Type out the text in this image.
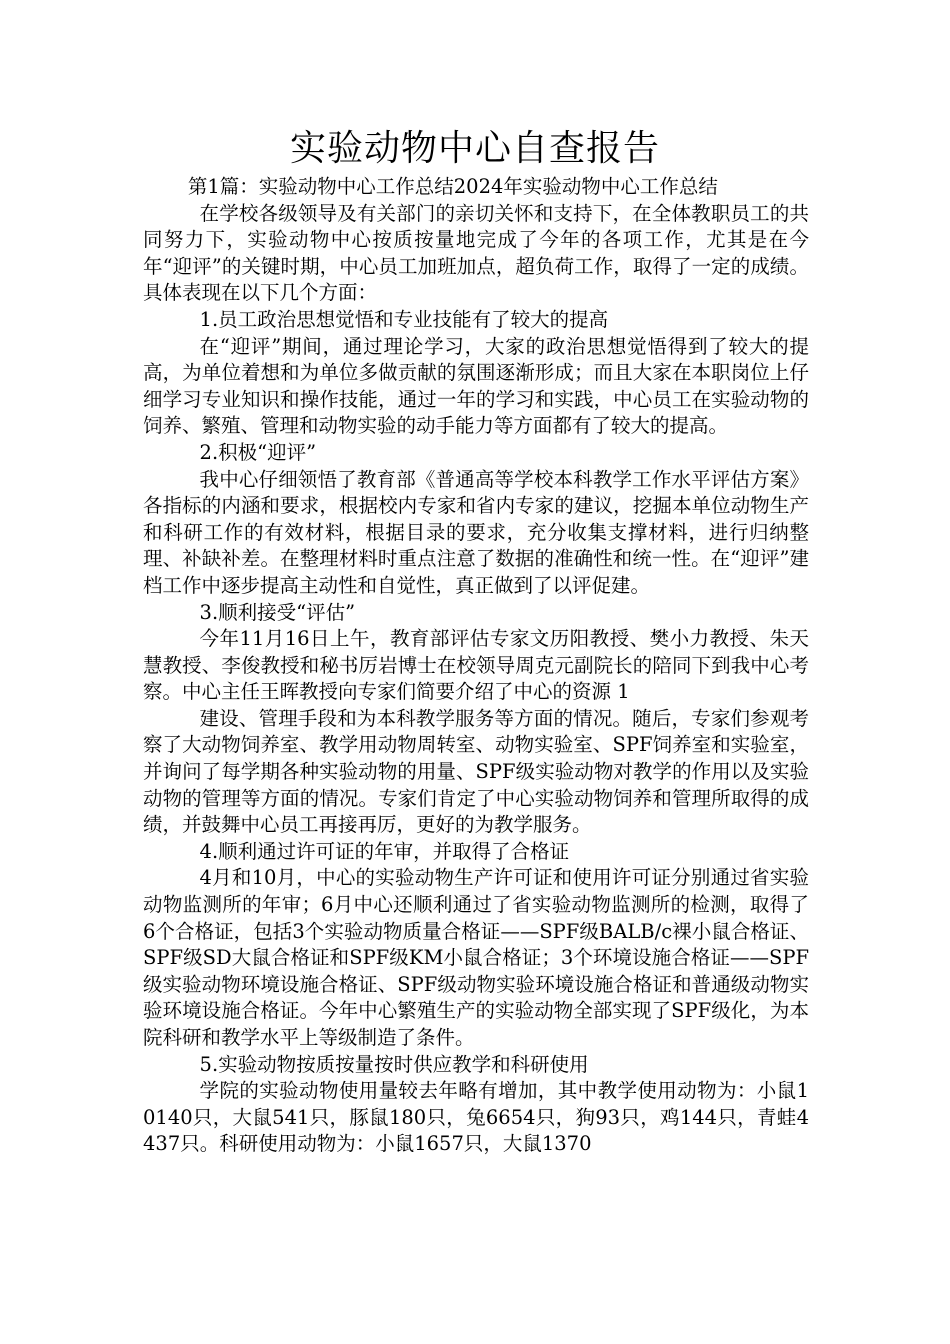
实验动物中心自查报告

第1篇：实验动物中心工作总结2024年实验动物中心工作总结

在学校各级领导及有关部门的亲切关怀和支持下，在全体教职员工的共同努力下，实验动物中心按质按量地完成了今年的各项工作，尤其是在今年“迎评”的关键时期，中心员工加班加点，超负荷工作，取得了一定的成绩。具体表现在以下几个方面：

1.员工政治思想觉悟和专业技能有了较大的提高

在“迎评”期间，通过理论学习，大家的政治思想觉悟得到了较大的提高，为单位着想和为单位多做贡献的氛围逐渐形成；而且大家在本职岗位上仔细学习专业知识和操作技能，通过一年的学习和实践，中心员工在实验动物的饲养、繁殖、管理和动物实验的动手能力等方面都有了较大的提高。

2.积极“迎评”

我中心仔细领悟了教育部《普通高等学校本科教学工作水平评估方案》各指标的内涵和要求，根据校内专家和省内专家的建议，挖掘本单位动物生产和科研工作的有效材料，根据目录的要求，充分收集支撑材料，进行归纳整理、补缺补差。在整理材料时重点注意了数据的准确性和统一性。在“迎评”建档工作中逐步提高主动性和自觉性，真正做到了以评促建。

3.顺利接受“评估”

今年11月16日上午，教育部评估专家文历阳教授、樊小力教授、朱天慧教授、李俊教授和秘书厉岩博士在校领导周克元副院长的陪同下到我中心考察。中心主任王晖教授向专家们简要介绍了中心的资源 1

建设、管理手段和为本科教学服务等方面的情况。随后，专家们参观考察了大动物饲养室、教学用动物周转室、动物实验室、SPF饲养室和实验室，并询问了每学期各种实验动物的用量、SPF级实验动物对教学的作用以及实验动物的管理等方面的情况。专家们肯定了中心实验动物饲养和管理所取得的成绩，并鼓舞中心员工再接再厉，更好的为教学服务。

4.顺利通过许可证的年审，并取得了合格证

4月和10月，中心的实验动物生产许可证和使用许可证分别通过省实验动物监测所的年审；6月中心还顺利通过了省实验动物监测所的检测，取得了6个合格证，包括3个实验动物质量合格证——SPF级BALB/c裸小鼠合格证、SPF级SD大鼠合格证和SPF级KM小鼠合格证；3个环境设施合格证——SPF级实验动物环境设施合格证、SPF级动物实验环境设施合格证和普通级动物实验环境设施合格证。今年中心繁殖生产的实验动物全部实现了SPF级化，为本院科研和教学水平上等级制造了条件。

5.实验动物按质按量按时供应教学和科研使用

学院的实验动物使用量较去年略有增加，其中教学使用动物为：小鼠10140只，大鼠541只，豚鼠180只，兔6654只，狗93只，鸡144只，青蛙4437只。科研使用动物为：小鼠1657只，大鼠1370
